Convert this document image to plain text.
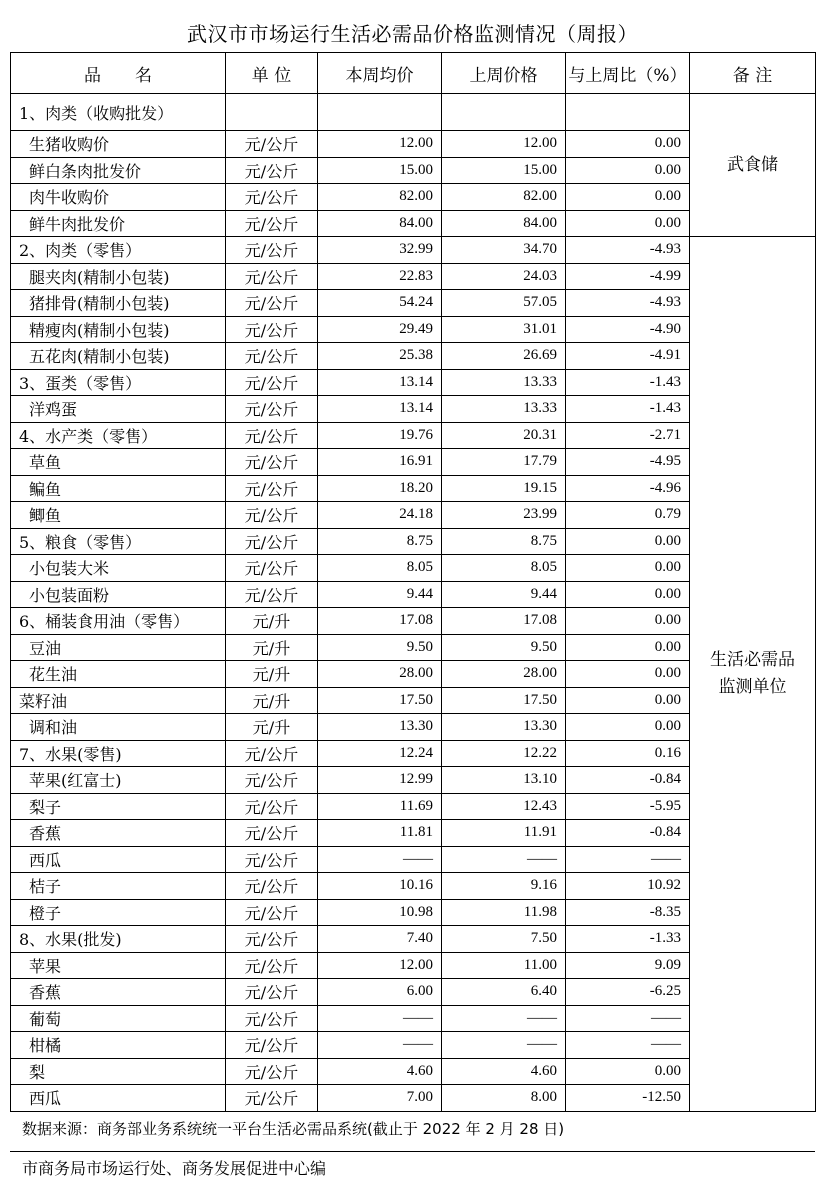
武汉市市场运行生活必需品价格监测情况（周报）
品　　名	单 位	本周均价	上周价格	与上周比（%）	备 注
1、肉类（收购批发）					武食储
生猪收购价	元/公斤	12.00	12.00	0.00	
鲜白条肉批发价	元/公斤	15.00	15.00	0.00	
肉牛收购价	元/公斤	82.00	82.00	0.00	
鲜牛肉批发价	元/公斤	84.00	84.00	0.00	
2、肉类（零售）	元/公斤	32.99	34.70	-4.93	生活必需品监测单位
腿夹肉(精制小包装)	元/公斤	22.83	24.03	-4.99	
猪排骨(精制小包装)	元/公斤	54.24	57.05	-4.93	
精瘦肉(精制小包装)	元/公斤	29.49	31.01	-4.90	
五花肉(精制小包装)	元/公斤	25.38	26.69	-4.91	
3、蛋类（零售）	元/公斤	13.14	13.33	-1.43	
洋鸡蛋	元/公斤	13.14	13.33	-1.43	
4、水产类（零售）	元/公斤	19.76	20.31	-2.71	
草鱼	元/公斤	16.91	17.79	-4.95	
鳊鱼	元/公斤	18.20	19.15	-4.96	
鲫鱼	元/公斤	24.18	23.99	0.79	
5、粮食（零售）	元/公斤	8.75	8.75	0.00	
小包装大米	元/公斤	8.05	8.05	0.00	
小包装面粉	元/公斤	9.44	9.44	0.00	
6、桶装食用油（零售）	元/升	17.08	17.08	0.00	
豆油	元/升	9.50	9.50	0.00	
花生油	元/升	28.00	28.00	0.00	
菜籽油	元/升	17.50	17.50	0.00	
调和油	元/升	13.30	13.30	0.00	
7、水果(零售)	元/公斤	12.24	12.22	0.16	
苹果(红富士)	元/公斤	12.99	13.10	-0.84	
梨子	元/公斤	11.69	12.43	-5.95	
香蕉	元/公斤	11.81	11.91	-0.84	
西瓜	元/公斤	——	——	——	
桔子	元/公斤	10.16	9.16	10.92	
橙子	元/公斤	10.98	11.98	-8.35	
8、水果(批发)	元/公斤	7.40	7.50	-1.33	
苹果	元/公斤	12.00	11.00	9.09	
香蕉	元/公斤	6.00	6.40	-6.25	
葡萄	元/公斤	——	——	——	
柑橘	元/公斤	——	——	——	
梨	元/公斤	4.60	4.60	0.00	
西瓜	元/公斤	7.00	8.00	-12.50	
数据来源：商务部业务系统统一平台生活必需品系统(截止于 2022 年 2 月 28 日)
市商务局市场运行处、商务发展促进中心编
